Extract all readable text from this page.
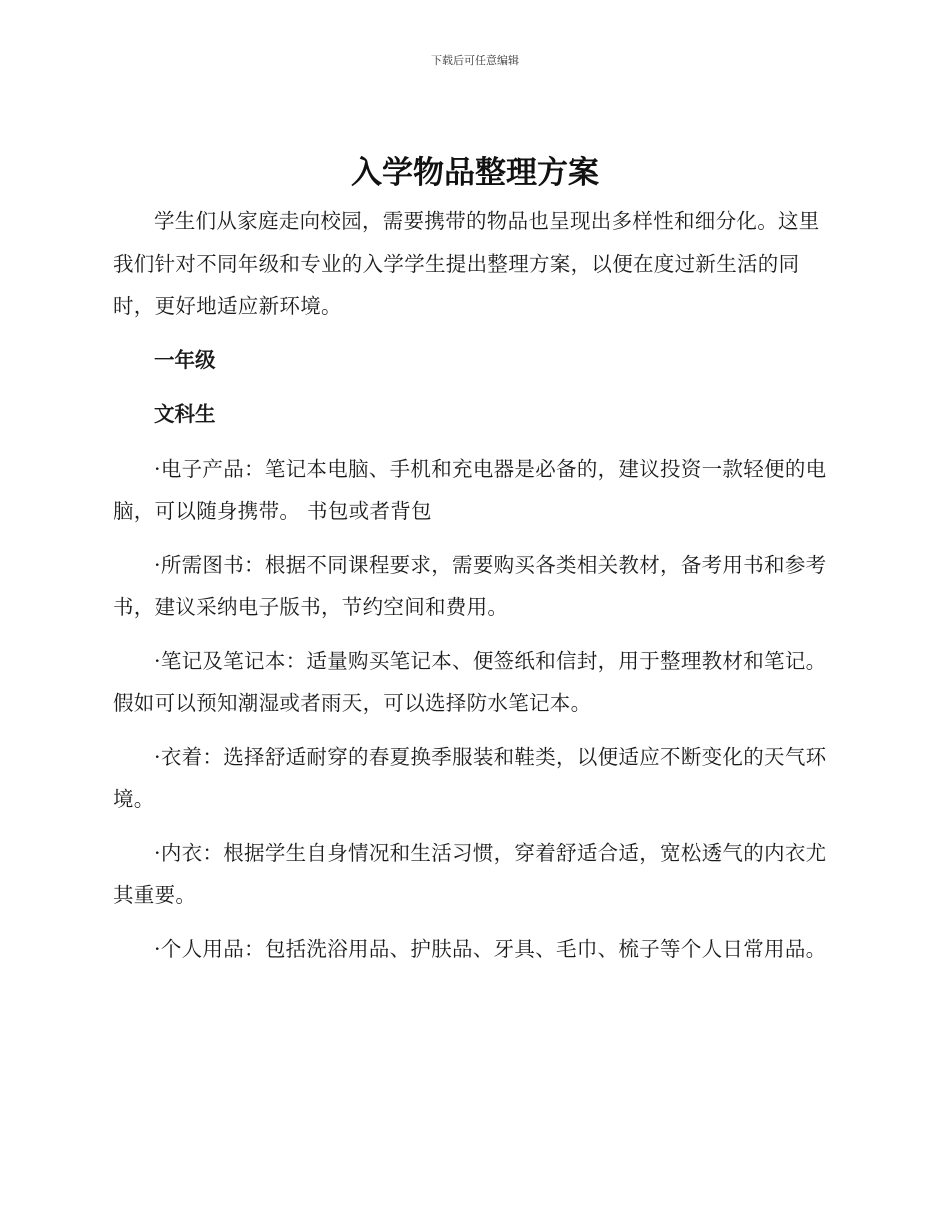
下载后可任意编辑
入学物品整理方案

学生们从家庭走向校园，需要携带的物品也呈现出多样性和细分化。这里我们针对不同年级和专业的入学学生提出整理方案，以便在度过新生活的同时，更好地适应新环境。

一年级

文科生

·电子产品：笔记本电脑、手机和充电器是必备的，建议投资一款轻便的电脑，可以随身携带。 书包或者背包

·所需图书：根据不同课程要求，需要购买各类相关教材，备考用书和参考书，建议采纳电子版书，节约空间和费用。

·笔记及笔记本：适量购买笔记本、便签纸和信封，用于整理教材和笔记。假如可以预知潮湿或者雨天，可以选择防水笔记本。

·衣着：选择舒适耐穿的春夏换季服装和鞋类，以便适应不断变化的天气环境。

·内衣：根据学生自身情况和生活习惯，穿着舒适合适，宽松透气的内衣尤其重要。

·个人用品：包括洗浴用品、护肤品、牙具、毛巾、梳子等个人日常用品。
